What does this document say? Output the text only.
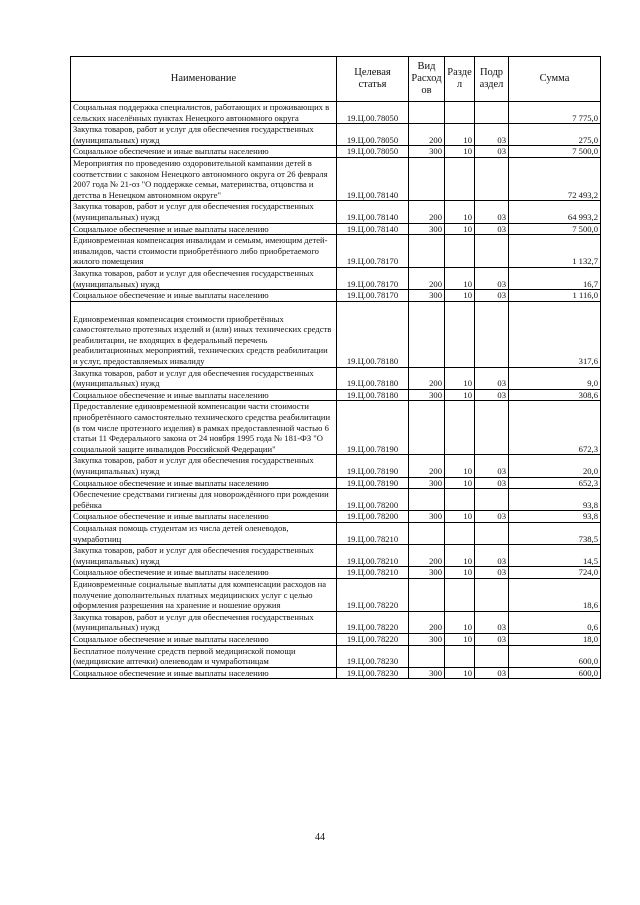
Наименование	Целевая статья	Вид Расход ов	Разде л	Подр аздел	Сумма
Социальная поддержка специалистов, работающих и проживающих в сельских населённых пунктах Ненецкого автономного округа	19.Ц.00.78050				7 775,0
Закупка товаров, работ и услуг для обеспечения государственных (муниципальных) нужд	19.Ц.00.78050	200	10	03	275,0
Социальное обеспечение и иные выплаты населению	19.Ц.00.78050	300	10	03	7 500,0
Мероприятия по проведению оздоровительной кампании детей в соответствии с законом Ненецкого автономного округа от 26 февраля 2007 года № 21-оз "О поддержке семьи, материнства, отцовства и детства в Ненецком автономном округе"	19.Ц.00.78140				72 493,2
Закупка товаров, работ и услуг для обеспечения государственных (муниципальных) нужд	19.Ц.00.78140	200	10	03	64 993,2
Социальное обеспечение и иные выплаты населению	19.Ц.00.78140	300	10	03	7 500,0
Единовременная компенсация инвалидам и семьям, имеющим детей-инвалидов, части стоимости приобретённого либо приобретаемого жилого помещения	19.Ц.00.78170				1 132,7
Закупка товаров, работ и услуг для обеспечения государственных (муниципальных) нужд	19.Ц.00.78170	200	10	03	16,7
Социальное обеспечение и иные выплаты населению	19.Ц.00.78170	300	10	03	1 116,0
Единовременная компенсация стоимости приобретённых самостоятельно протезных изделий и (или) иных технических средств реабилитации, не входящих в федеральный перечень реабилитационных мероприятий, технических средств реабилитации и услуг, предоставляемых инвалиду	19.Ц.00.78180				317,6
Закупка товаров, работ и услуг для обеспечения государственных (муниципальных) нужд	19.Ц.00.78180	200	10	03	9,0
Социальное обеспечение и иные выплаты населению	19.Ц.00.78180	300	10	03	308,6
Предоставление единовременной компенсации части стоимости приобретённого самостоятельно технического средства реабилитации (в том числе протезного изделия) в рамках предоставленной частью 6 статьи 11 Федерального закона от 24 ноября 1995 года № 181-ФЗ "О социальной защите инвалидов Российской Федерации"	19.Ц.00.78190				672,3
Закупка товаров, работ и услуг для обеспечения государственных (муниципальных) нужд	19.Ц.00.78190	200	10	03	20,0
Социальное обеспечение и иные выплаты населению	19.Ц.00.78190	300	10	03	652,3
Обеспечение средствами гигиены для новорождённого при рождении ребёнка	19.Ц.00.78200				93,8
Социальное обеспечение и иные выплаты населению	19.Ц.00.78200	300	10	03	93,8
Социальная помощь студентам из числа детей оленеводов, чумработниц	19.Ц.00.78210				738,5
Закупка товаров, работ и услуг для обеспечения государственных (муниципальных) нужд	19.Ц.00.78210	200	10	03	14,5
Социальное обеспечение и иные выплаты населению	19.Ц.00.78210	300	10	03	724,0
Единовременные социальные выплаты для компенсации расходов на получение дополнительных платных медицинских услуг с целью оформления разрешения на хранение и ношение оружия	19.Ц.00.78220				18,6
Закупка товаров, работ и услуг для обеспечения государственных (муниципальных) нужд	19.Ц.00.78220	200	10	03	0,6
Социальное обеспечение и иные выплаты населению	19.Ц.00.78220	300	10	03	18,0
Бесплатное получение средств первой медицинской помощи (медицинские аптечки) оленеводам и чумработницам	19.Ц.00.78230				600,0
Социальное обеспечение и иные выплаты населению	19.Ц.00.78230	300	10	03	600,0
44
